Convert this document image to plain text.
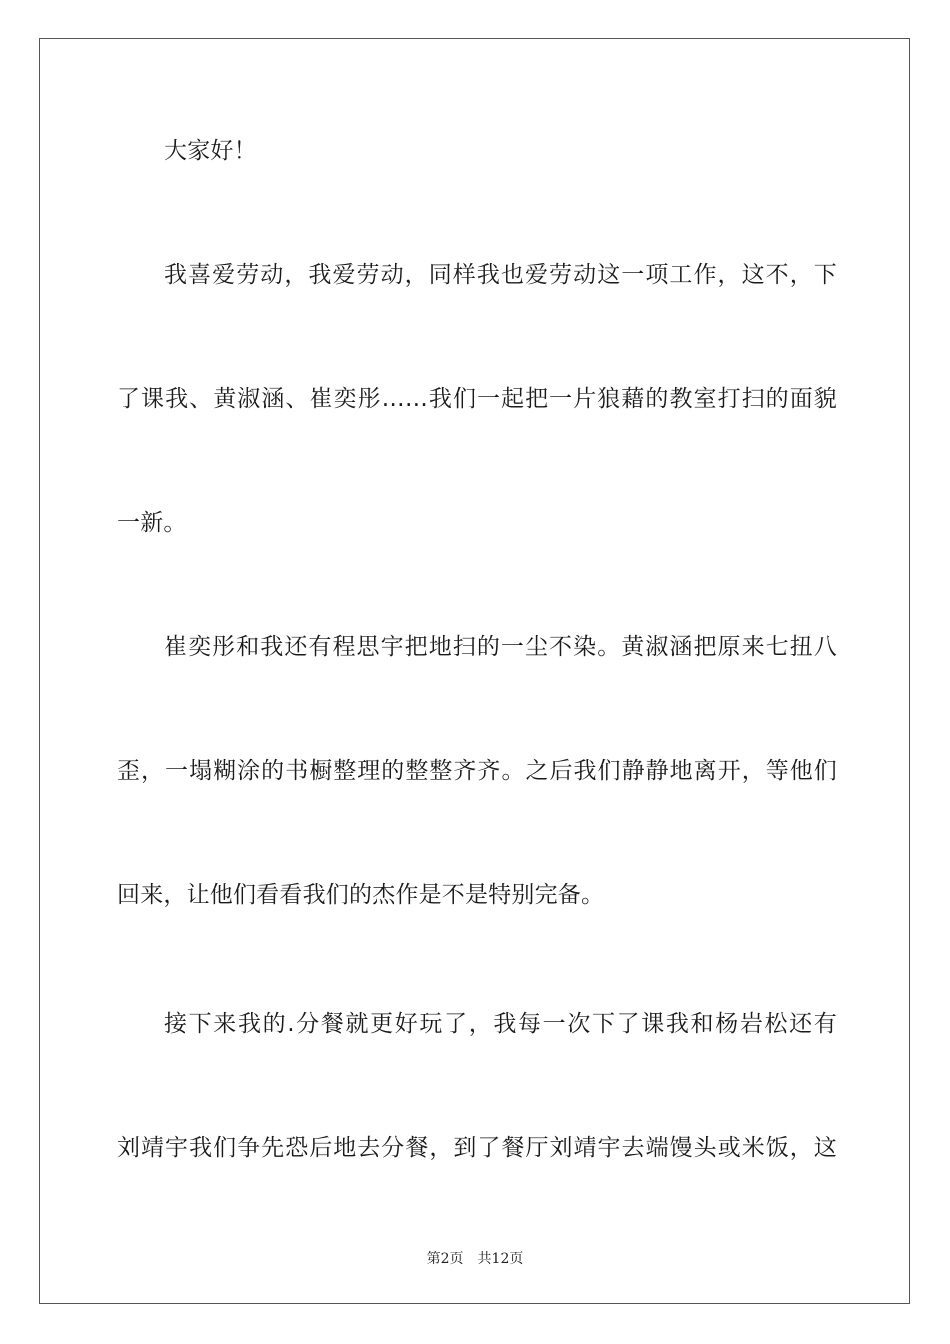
大家好！
我喜爱劳动，我爱劳动，同样我也爱劳动这一项工作，这不，下
了课我、黄淑涵、崔奕彤……我们一起把一片狼藉的教室打扫的面貌
一新。
崔奕彤和我还有程思宇把地扫的一尘不染。黄淑涵把原来七扭八
歪，一塌糊涂的书橱整理的整整齐齐。之后我们静静地离开，等他们
回来，让他们看看我们的杰作是不是特别完备。
接下来我的.分餐就更好玩了，我每一次下了课我和杨岩松还有
刘靖宇我们争先恐后地去分餐，到了餐厅刘靖宇去端馒头或米饭，这
第2页 共12页
